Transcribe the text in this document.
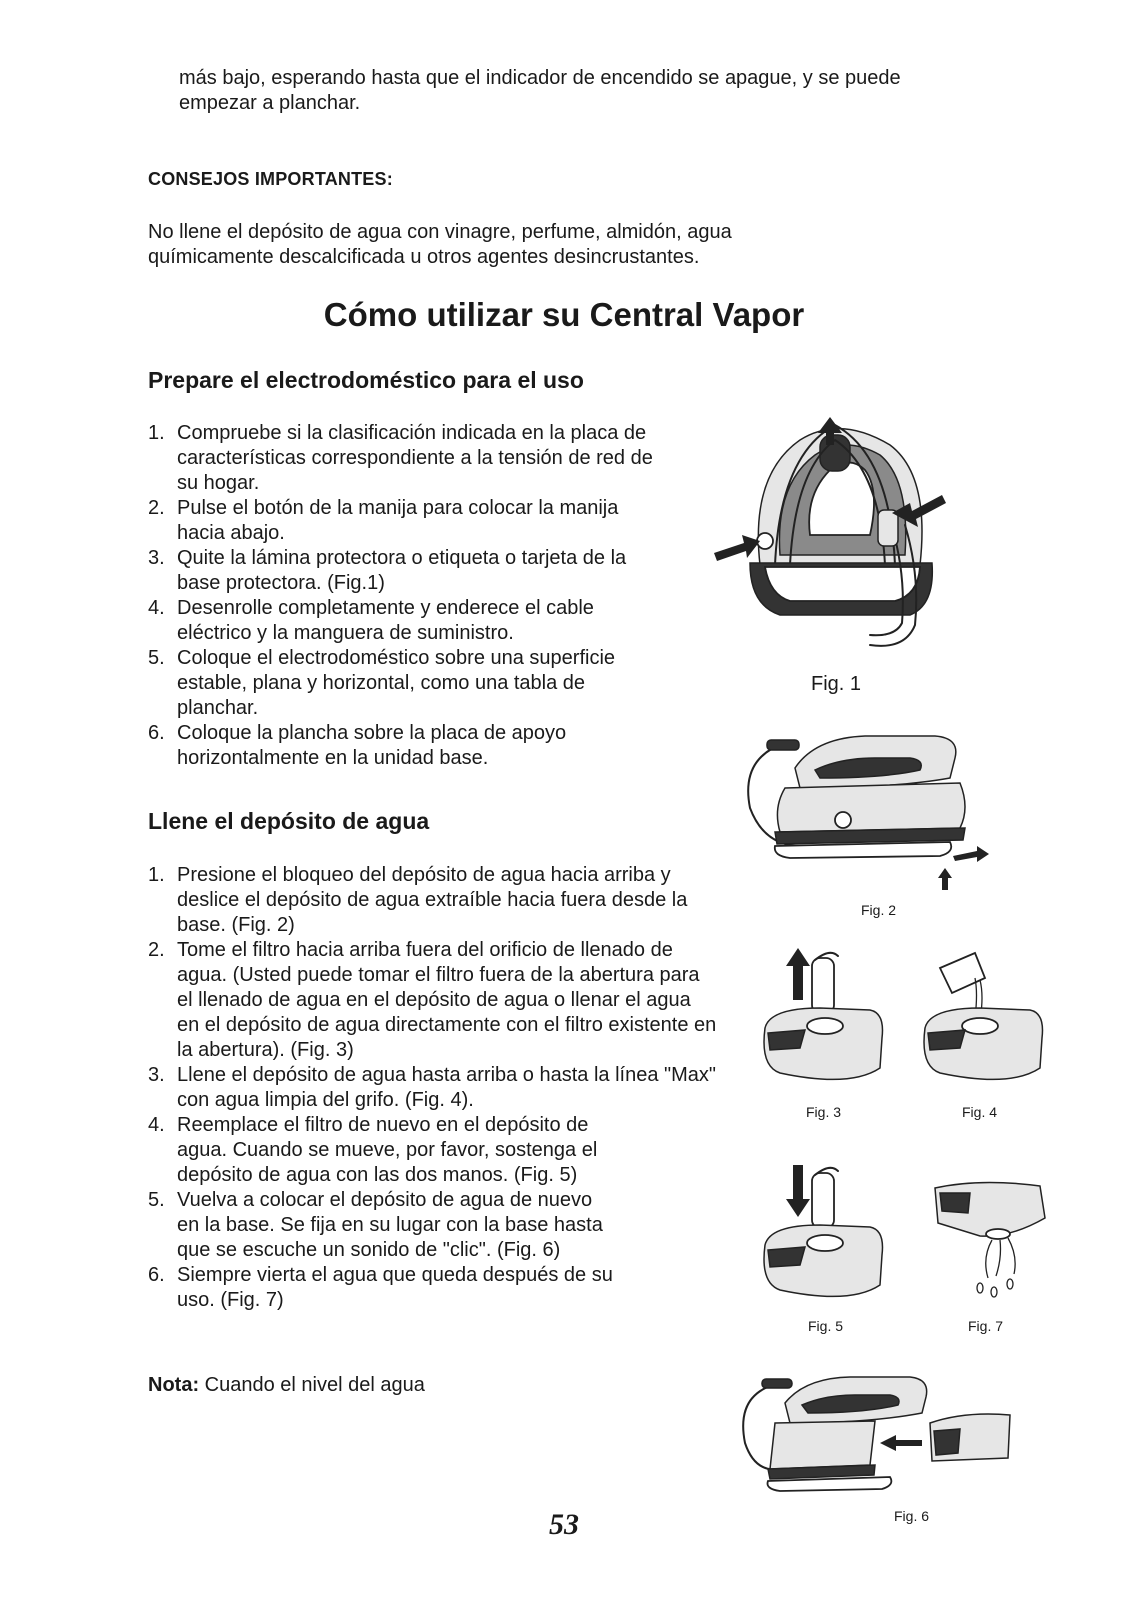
más bajo, esperando hasta que el indicador de encendido se apague, y se puede empezar a planchar.

CONSEJOS IMPORTANTES:

No llene el depósito de agua con vinagre, perfume, almidón, agua químicamente descalcificada u otros agentes desincrustantes.

Cómo utilizar su Central Vapor
Prepare el electrodoméstico para el uso
1. Compruebe si la clasificación indicada en la placa de características correspondiente a la tensión de red de su hogar.
2. Pulse el botón de la manija para colocar la manija hacia abajo.
3. Quite la lámina protectora o etiqueta o tarjeta de la base protectora. (Fig.1)
4. Desenrolle completamente y enderece el cable eléctrico y la manguera de suministro.
5. Coloque el electrodoméstico sobre una superficie estable, plana y horizontal, como una tabla de planchar.
6. Coloque la plancha sobre la placa de apoyo horizontalmente en la unidad base.
Llene el depósito de agua
1. Presione el bloqueo del depósito de agua hacia arriba y deslice el depósito de agua extraíble hacia fuera desde la base. (Fig. 2)
2. Tome el filtro hacia arriba fuera del orificio de llenado de agua. (Usted puede tomar el filtro fuera de la abertura para el llenado de agua en el depósito de agua o llenar el agua en el depósito de agua directamente con el filtro existente en la abertura). (Fig. 3)
3. Llene el depósito de agua hasta arriba o hasta la línea "Max" con agua limpia del grifo. (Fig. 4).
4. Reemplace el filtro de nuevo en el depósito de agua. Cuando se mueve, por favor, sostenga el depósito de agua con las dos manos. (Fig. 5)
5. Vuelva a colocar el depósito de agua de nuevo en la base. Se fija en su lugar con la base hasta que se escuche un sonido de "clic". (Fig. 6)
6. Siempre vierta el agua que queda después de su uso. (Fig. 7)

Nota: Cuando el nivel del agua

Fig. 1
Fig. 2
Fig. 3	Fig. 4
Fig. 5	Fig. 7
Fig. 6
53
